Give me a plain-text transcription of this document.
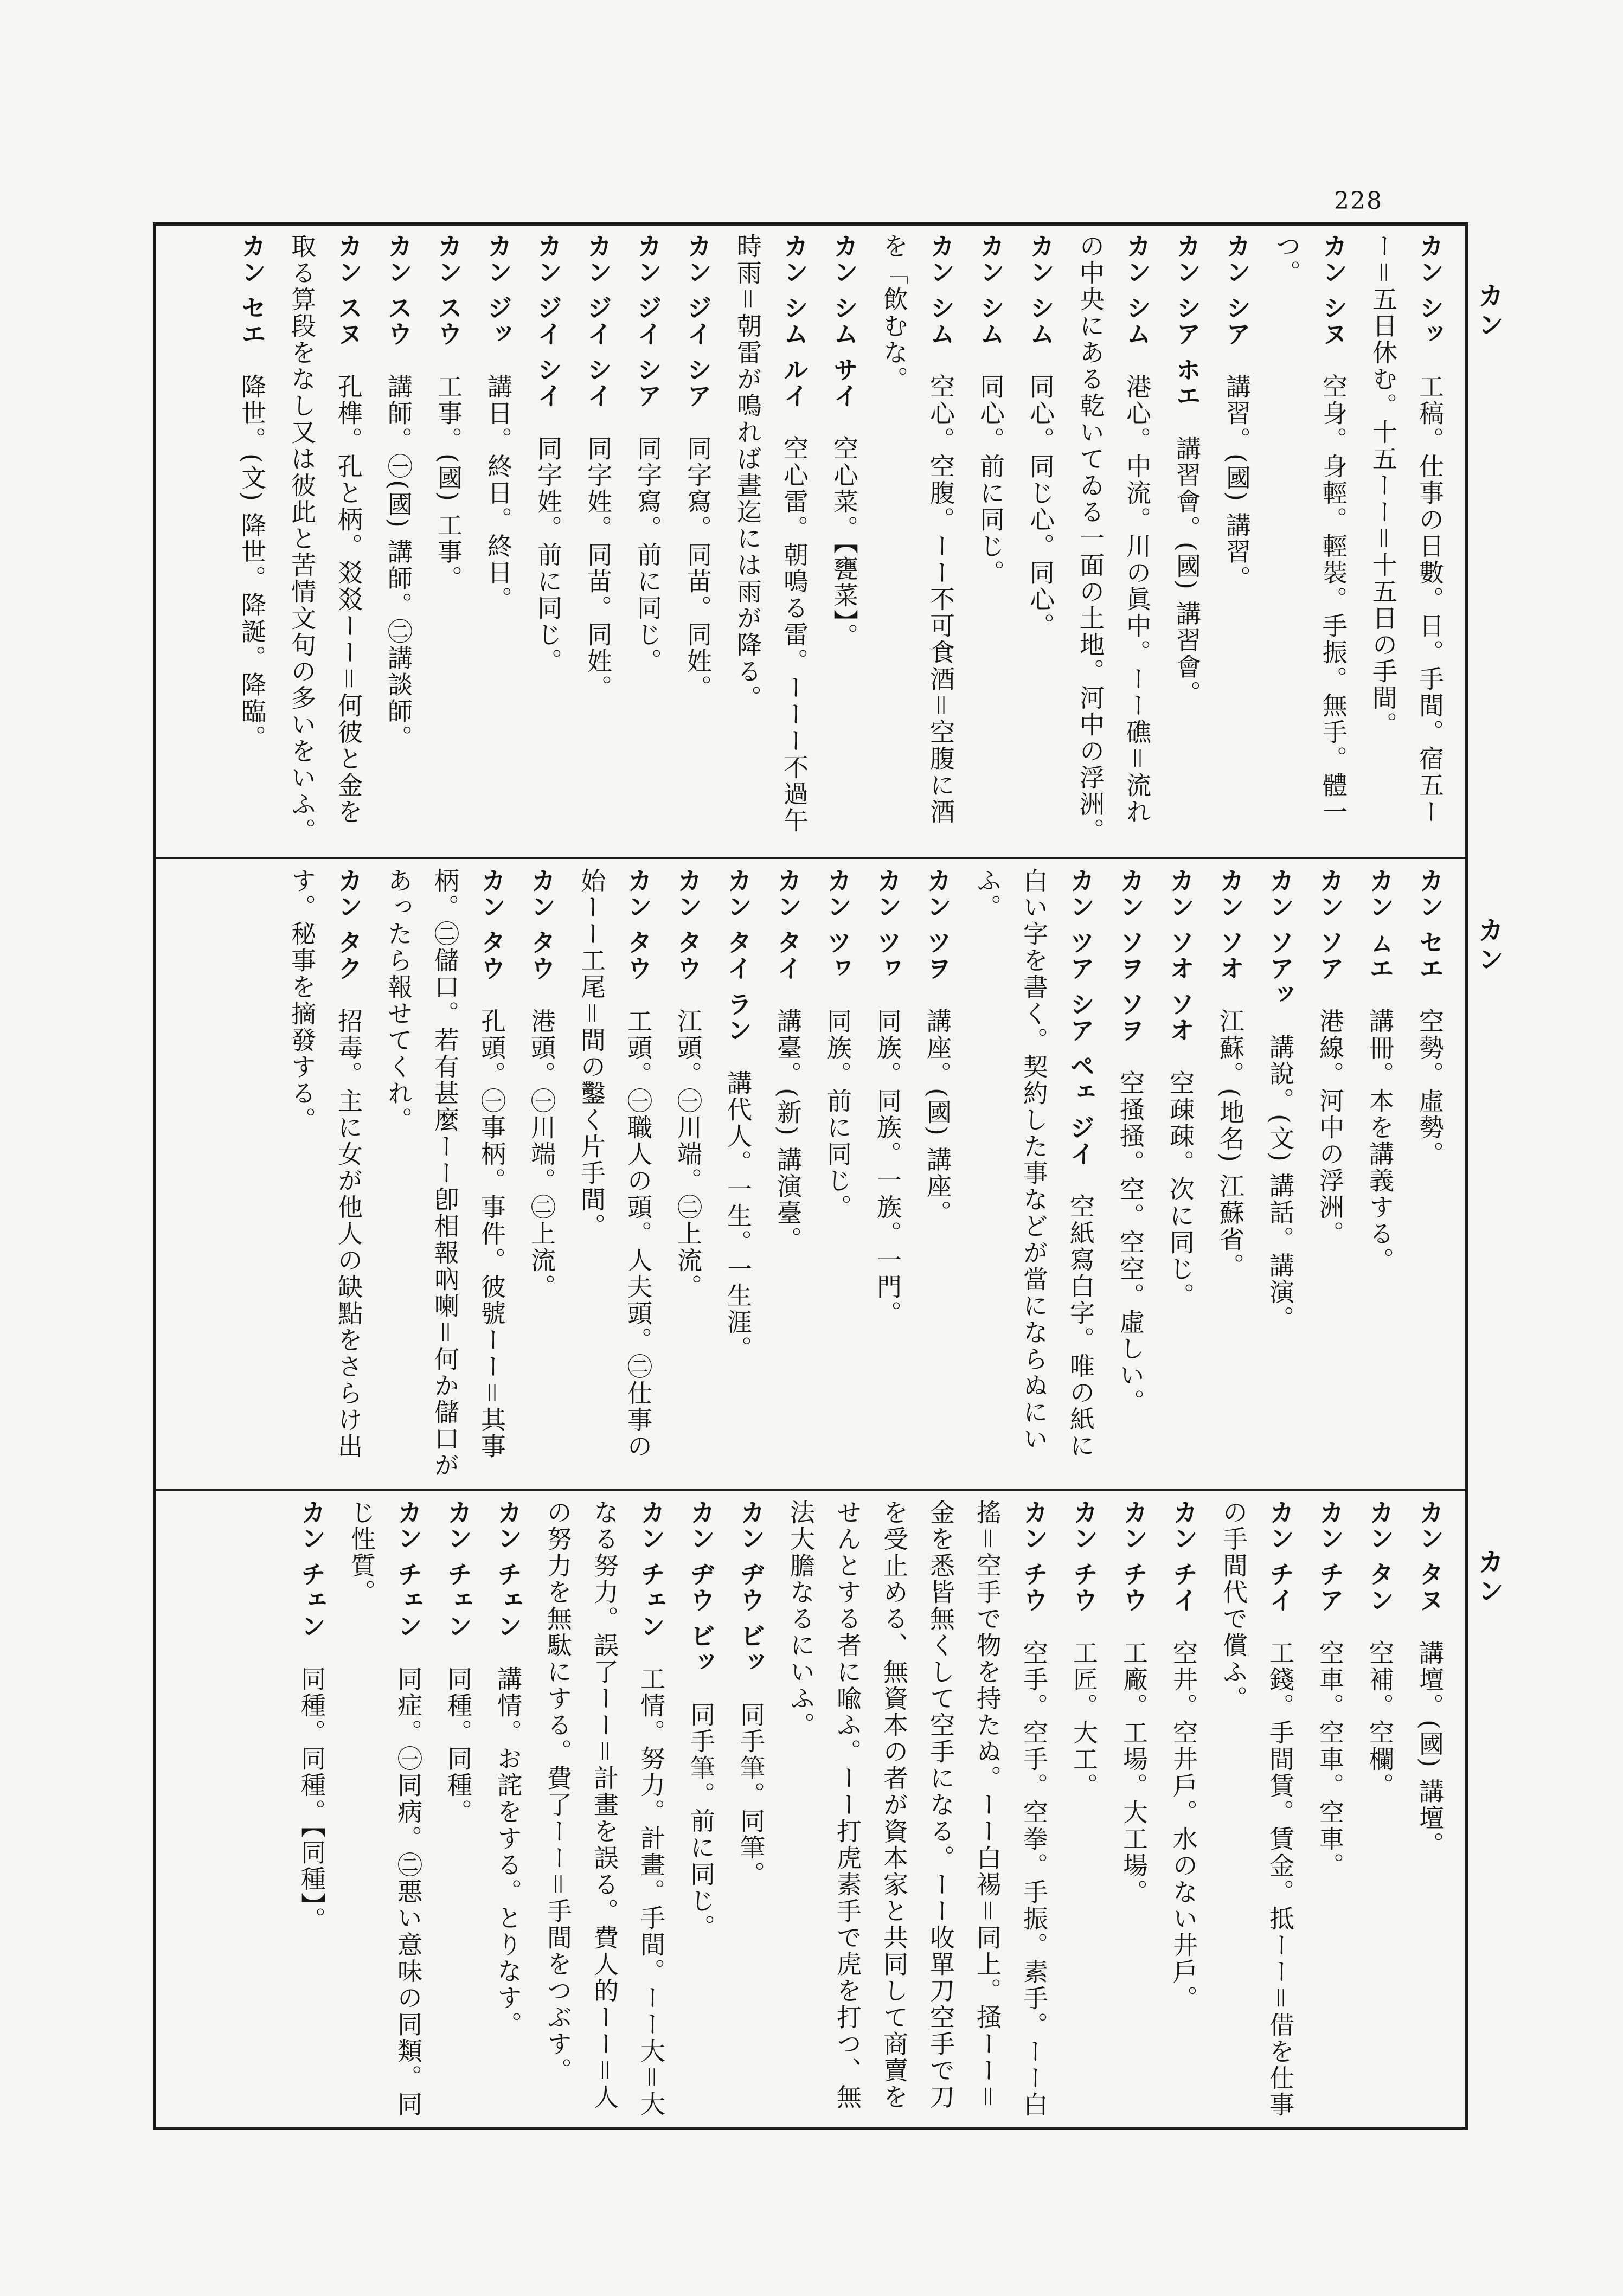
228
カン
カン
カン
カン シッ　工稿。仕事の日數。日。手間。宿五ーー＝五日休む。十五ーー＝十五日の手間。
カン シヌ　空身。身輕。輕裝。手振。無手。體一つ。
カン シア　講習。(國) 講習。
カン シア ホエ　講習會。(國) 講習會。
カン シム　港心。中流。川の眞中。ーー礁＝流れの中央にある乾いてゐる一面の土地。河中の浮洲。
カン シム　同心。同じ心。同心。
カン シム　同心。前に同じ。
カン シム　空心。空腹。ーー不可食酒＝空腹に酒を「飲むな。
カン シム サイ　空心菜。【甕菜】。
カン シム ルイ　空心雷。朝鳴る雷。ーーー不過午時雨＝朝雷が鳴れば晝迄には雨が降る。
カン ジイ シア　同字寫。同苗。同姓。
カン ジイ シア　同字寫。前に同じ。
カン ジイ シイ　同字姓。同苗。同姓。
カン ジイ シイ　同字姓。前に同じ。
カン ジッ　講日。終日。終日。
カン スウ　工事。(國) 工事。
カン スウ　講師。㊀(國) 講師。㊁講談師。
カン スヌ　孔榫。孔と柄。㸚㸚ーー＝何彼と金を取る算段をなし又は彼此と苦情文句の多いをいふ。
カン セエ　降世。(文) 降世。降誕。降臨。
カン セエ　空勢。虛勢。
カン ㄙエ　講冊。本を講義する。
カン ソア　港線。河中の浮洲。
カン ソアッ　講說。(文) 講話。講演。
カン ソオ　江蘇。(地名) 江蘇省。
カン ソオ ソオ　空疎疎。次に同じ。
カン ソヲ ソヲ　空掻掻。空。空空。虛しい。
カン ツア シア ペェ ジイ　空紙寫白字。唯の紙に白い字を書く。契約した事などが當にならぬにいふ。
カン ツヲ　講座。(國) 講座。
カン ツヮ　同族。同族。一族。一門。
カン ツヮ　同族。前に同じ。
カン タイ　講臺。(新) 講演臺。
カン タイ ラン　講代人。一生。一生涯。
カン タウ　江頭。㊀川端。㊁上流。
カン タウ　工頭。㊀職人の頭。人夫頭。㊁仕事の始ーー工尾＝間の鑿く片手間。
カン タウ　港頭。㊀川端。㊁上流。
カン タウ　孔頭。㊀事柄。事件。彼號ーー＝其事柄。㊁儲口。若有甚麼ーー卽相報吶喇＝何か儲口があったら報せてくれ。
カン タク　招毒。主に女が他人の缺點をさらけ出す。秘事を摘發する。
カン タヌ　講壇。(國) 講壇。
カン タン　空補。空欄。
カン チア　空車。空車。空車。
カン チイ　工錢。手間賃。賃金。抵ーー＝借を仕事の手間代で償ふ。
カン チイ　空井。空井戶。水のない井戶。
カン チウ　工廠。工場。大工場。
カン チウ　工匠。大工。
カン チウ　空手。空手。空拳。手振。素手。ーー白搖＝空手で物を持たぬ。ーー白裼＝同上。掻ーー＝金を悉皆無くして空手になる。ーー收單刀空手で刀を受止める、無資本の者が資本家と共同して商賣をせんとする者に喩ふ。ーー打虎素手で虎を打つ、無法大膽なるにいふ。
カン ヂウ ビッ　同手筆。同筆。
カン ヂウ ビッ　同手筆。前に同じ。
カン チェン　工情。努力。計畫。手間。ーー大＝大なる努力。誤了ーー＝計畫を誤る。費人的ーー＝人の努力を無駄にする。費了ーー＝手間をつぶす。
カン チェン　講情。お詫をする。とりなす。
カン チェン　同種。同種。
カン チェン　同症。㊀同病。㊁悪い意味の同類。同じ性質。
カン チェン　同種。同種。【同種】。
